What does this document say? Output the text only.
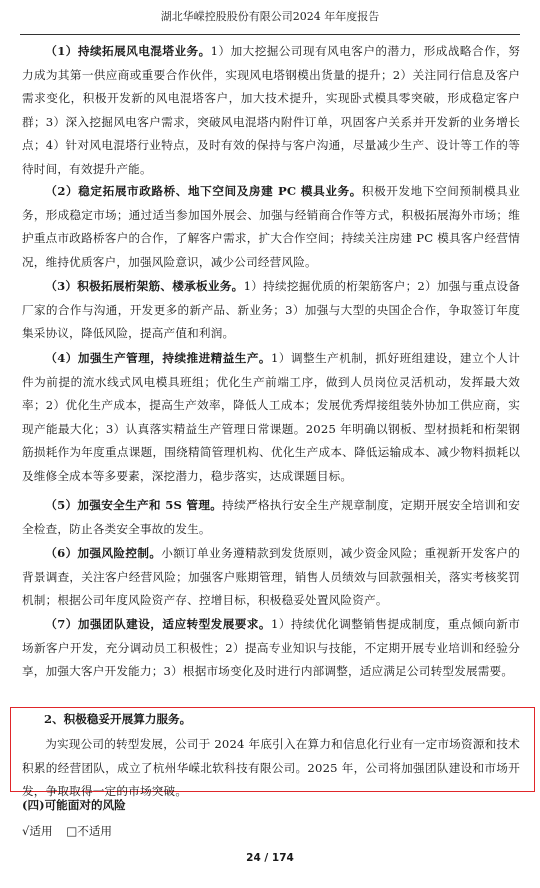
湖北华嵘控股股份有限公司2024 年年度报告

（1）持续拓展风电混塔业务。1）加大挖掘公司现有风电客户的潜力，形成战略合作，努力成为其第一供应商或重要合作伙伴，实现风电塔钢模出货量的提升；2）关注同行信息及客户需求变化，积极开发新的风电混塔客户，加大技术提升，实现卧式模具零突破，形成稳定客户群；3）深入挖掘风电客户需求，突破风电混塔内附件订单，巩固客户关系并开发新的业务增长点；4）针对风电混塔行业特点，及时有效的保持与客户沟通，尽量减少生产、设计等工作的等待时间，有效提升产能。

（2）稳定拓展市政路桥、地下空间及房建 PC 模具业务。积极开发地下空间预制模具业务，形成稳定市场；通过适当参加国外展会、加强与经销商合作等方式，积极拓展海外市场；维护重点市政路桥客户的合作，了解客户需求，扩大合作空间；持续关注房建 PC 模具客户经营情况，维持优质客户，加强风险意识，减少公司经营风险。

（3）积极拓展桁架筋、楼承板业务。1）持续挖掘优质的桁架筋客户；2）加强与重点设备厂家的合作与沟通，开发更多的新产品、新业务；3）加强与大型的央国企合作，争取签订年度集采协议，降低风险，提高产值和利润。

（4）加强生产管理，持续推进精益生产。1）调整生产机制，抓好班组建设，建立个人计件为前提的流水线式风电模具班组；优化生产前端工序，做到人员岗位灵活机动，发挥最大效率；2）优化生产成本，提高生产效率，降低人工成本；发展优秀焊接组装外协加工供应商，实现产能最大化；3）认真落实精益生产管理日常课题。2025 年明确以钢板、型材损耗和桁架钢筋损耗作为年度重点课题，围绕精简管理机构、优化生产成本、降低运输成本、减少物料损耗以及维修全成本等多要素，深挖潜力，稳步落实，达成课题目标。

（5）加强安全生产和 5S 管理。持续严格执行安全生产规章制度，定期开展安全培训和安全检查，防止各类安全事故的发生。

（6）加强风险控制。小额订单业务遵精款到发货原则，减少资金风险；重视新开发客户的背景调查，关注客户经营风险；加强客户账期管理，销售人员绩效与回款强相关，落实考核奖罚机制；根据公司年度风险资产存、控增目标，积极稳妥处置风险资产。

（7）加强团队建设，适应转型发展要求。1）持续优化调整销售提成制度，重点倾向新市场新客户开发，充分调动员工积极性；2）提高专业知识与技能，不定期开展专业培训和经验分享，加强大客户开发能力；3）根据市场变化及时进行内部调整，适应满足公司转型发展需要。

2、积极稳妥开展算力服务。

为实现公司的转型发展，公司于 2024 年底引入在算力和信息化行业有一定市场资源和技术积累的经营团队，成立了杭州华嵘北软科技有限公司。2025 年，公司将加强团队建设和市场开发，争取取得一定的市场突破。

(四)可能面对的风险

√适用 □不适用
24 / 174
